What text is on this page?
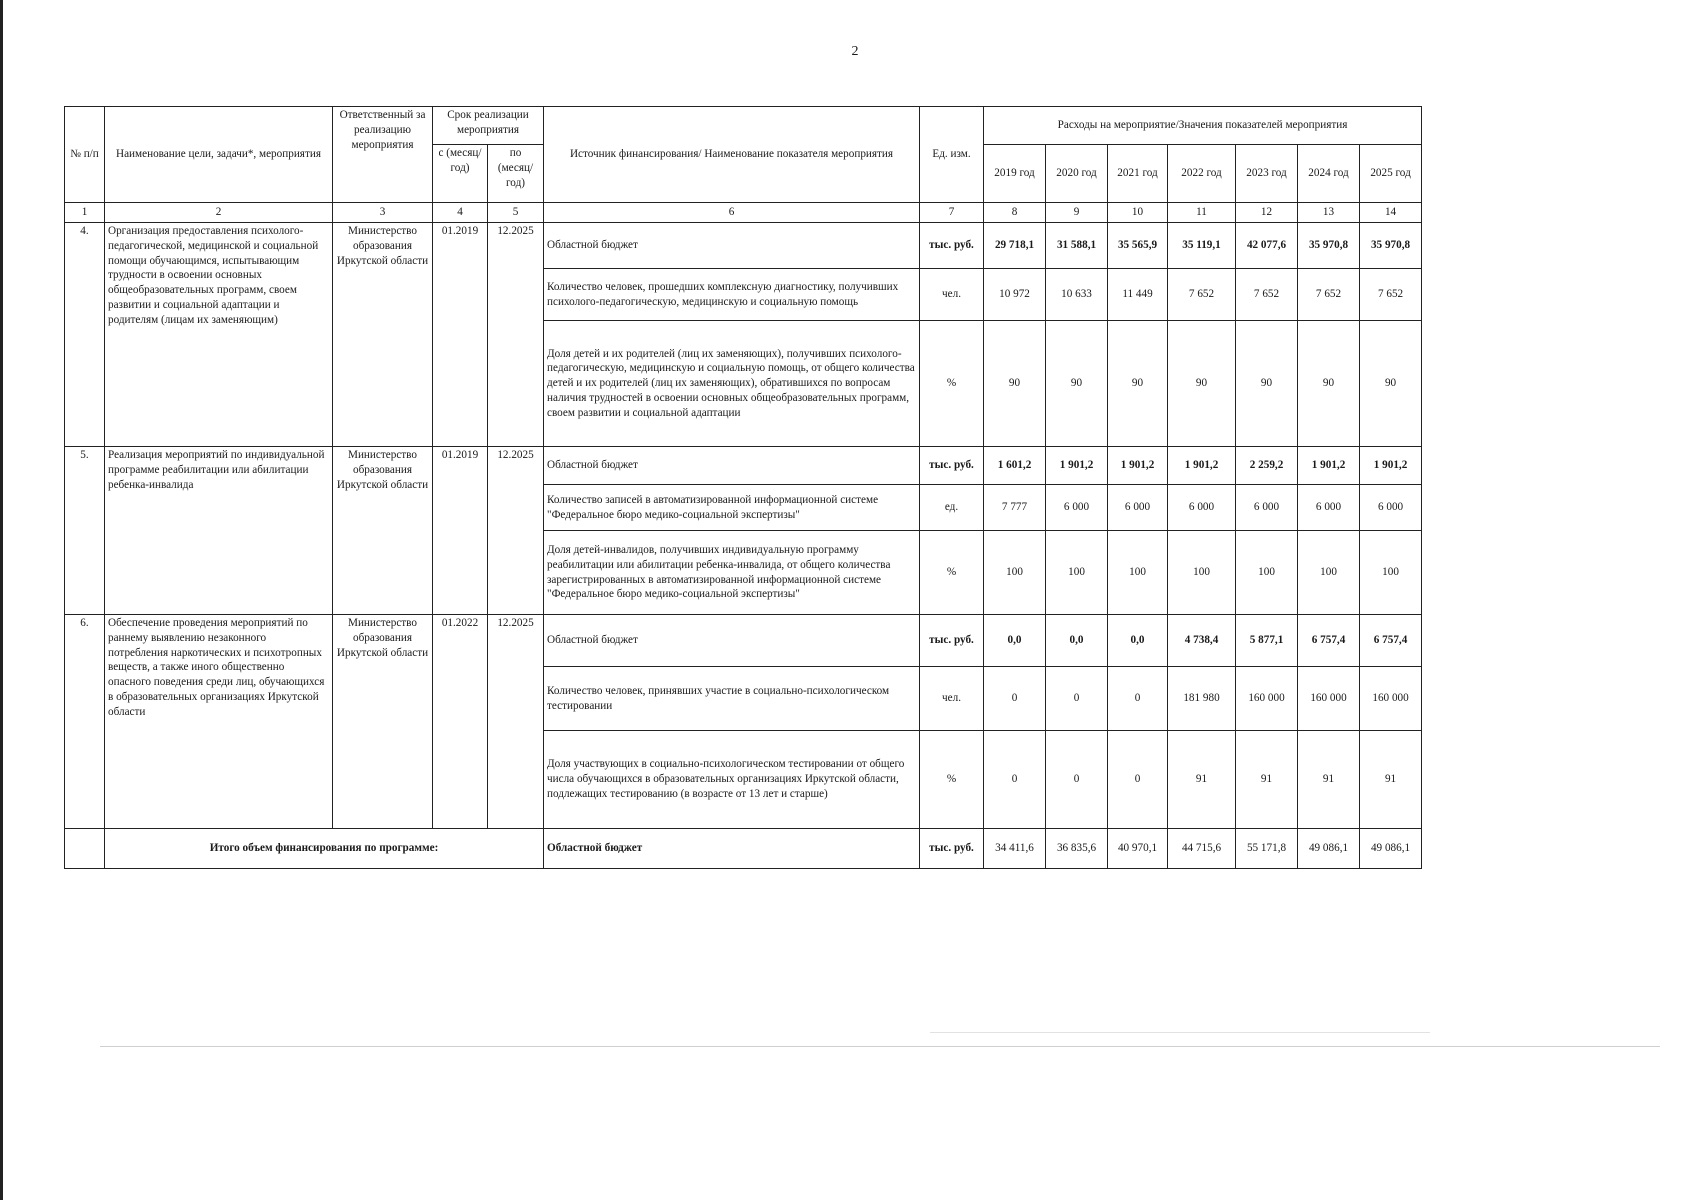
2
№ п/п	Наименование цели, задачи*, мероприятия	Ответственный за реализацию мероприятия	Срок реализации мероприятия		Источник финансирования/ Наименование показателя мероприятия	Ед. изм.	Расходы на мероприятие/Значения показателей мероприятия						
			с (месяц/ год)	по (месяц/ год)			2019 год	2020 год	2021 год	2022 год	2023 год	2024 год	2025 год
1	2	3	4	5	6	7	8	9	10	11	12	13	14
4.	Организация предоставления психолого-педагогической, медицинской и социальной помощи обучающимся, испытывающим трудности в освоении основных общеобразовательных программ, своем развитии и социальной адаптации и родителям (лицам их заменяющим)	Министерство образования Иркутской области	01.2019	12.2025	Областной бюджет	тыс. руб.	29 718,1	31 588,1	35 565,9	35 119,1	42 077,6	35 970,8	35 970,8
					Количество человек, прошедших комплексную диагностику, получивших психолого-педагогическую, медицинскую и социальную помощь	чел.	10 972	10 633	11 449	7 652	7 652	7 652	7 652
					Доля детей и их родителей (лиц их заменяющих), получивших психолого-педагогическую, медицинскую и социальную помощь, от общего количества детей и их родителей (лиц их заменяющих), обратившихся по вопросам наличия трудностей в освоении основных общеобразовательных программ, своем развитии и социальной адаптации	%	90	90	90	90	90	90	90
5.	Реализация мероприятий по индивидуальной программе реабилитации или абилитации ребенка-инвалида	Министерство образования Иркутской области	01.2019	12.2025	Областной бюджет	тыс. руб.	1 601,2	1 901,2	1 901,2	1 901,2	2 259,2	1 901,2	1 901,2
					Количество записей в автоматизированной информационной системе "Федеральное бюро медико-социальной экспертизы"	ед.	7 777	6 000	6 000	6 000	6 000	6 000	6 000
					Доля детей-инвалидов, получивших индивидуальную программу реабилитации или абилитации ребенка-инвалида, от общего количества зарегистрированных в автоматизированной информационной системе "Федеральное бюро медико-социальной экспертизы"	%	100	100	100	100	100	100	100
6.	Обеспечение проведения мероприятий по раннему выявлению незаконного потребления наркотических и психотропных веществ, а также иного общественно опасного поведения среди лиц, обучающихся в образовательных организациях Иркутской области	Министерство образования Иркутской области	01.2022	12.2025	Областной бюджет	тыс. руб.	0,0	0,0	0,0	4 738,4	5 877,1	6 757,4	6 757,4
					Количество человек, принявших участие в социально-психологическом тестировании	чел.	0	0	0	181 980	160 000	160 000	160 000
					Доля участвующих в социально-психологическом тестировании от общего числа обучающихся в образовательных организациях Иркутской области, подлежащих тестированию (в возрасте от 13 лет и старше)	%	0	0	0	91	91	91	91
	Итого объем финансирования по программе:				Областной бюджет	тыс. руб.	34 411,6	36 835,6	40 970,1	44 715,6	55 171,8	49 086,1	49 086,1
